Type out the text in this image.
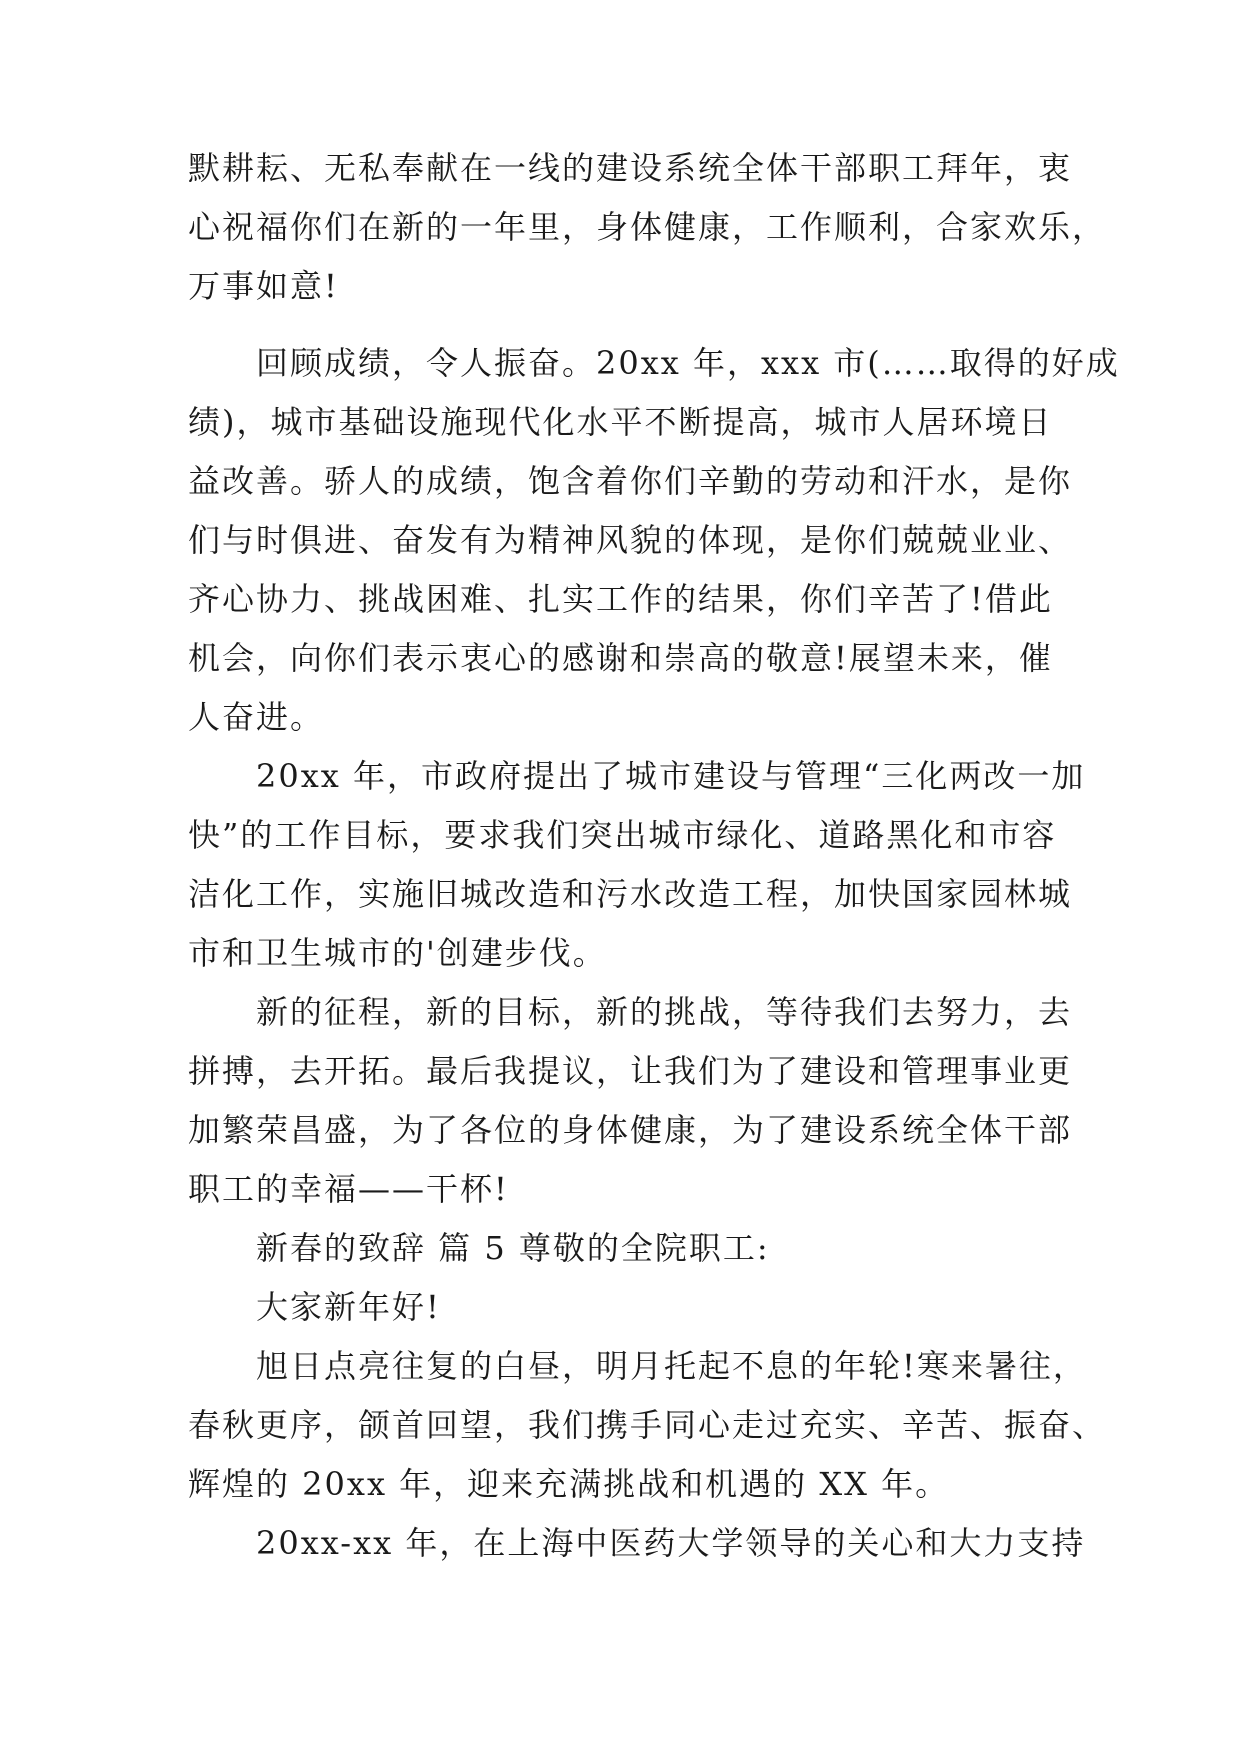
默耕耘、无私奉献在一线的建设系统全体干部职工拜年，衷
心祝福你们在新的一年里，身体健康，工作顺利，合家欢乐，
万事如意!
回顾成绩，令人振奋。20xx 年，xxx 市(……取得的好成
绩)，城市基础设施现代化水平不断提高，城市人居环境日
益改善。骄人的成绩，饱含着你们辛勤的劳动和汗水，是你
们与时俱进、奋发有为精神风貌的体现，是你们兢兢业业、
齐心协力、挑战困难、扎实工作的结果，你们辛苦了!借此
机会，向你们表示衷心的感谢和崇高的敬意!展望未来，催
人奋进。
20xx 年，市政府提出了城市建设与管理“三化两改一加
快”的工作目标，要求我们突出城市绿化、道路黑化和市容
洁化工作，实施旧城改造和污水改造工程，加快国家园林城
市和卫生城市的'创建步伐。
新的征程，新的目标，新的挑战，等待我们去努力，去
拼搏，去开拓。最后我提议，让我们为了建设和管理事业更
加繁荣昌盛，为了各位的身体健康，为了建设系统全体干部
职工的幸福——干杯!
新春的致辞 篇 5 尊敬的全院职工:
大家新年好!
旭日点亮往复的白昼，明月托起不息的年轮!寒来暑往，
春秋更序，颌首回望，我们携手同心走过充实、辛苦、振奋、
辉煌的 20xx 年，迎来充满挑战和机遇的 XX 年。
20xx-xx 年，在上海中医药大学领导的关心和大力支持
